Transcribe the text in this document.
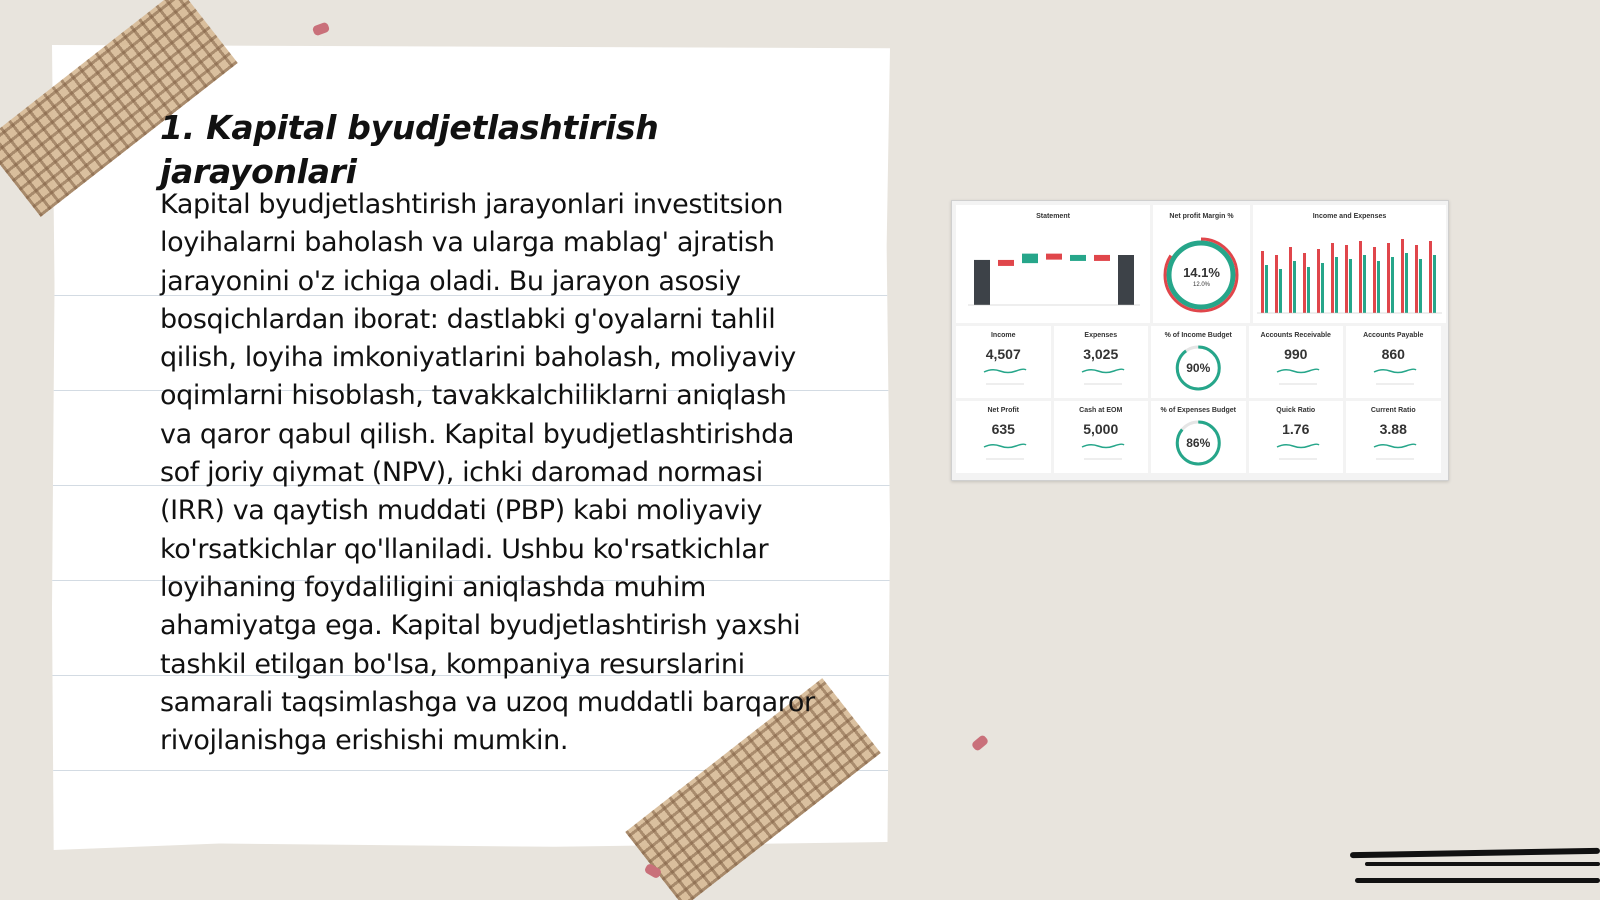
1. Kapital byudjetlashtirish jarayonlari
Kapital byudjetlashtirish jarayonlari investitsion loyihalarni baholash va ularga mablag' ajratish jarayonini o'z ichiga oladi. Bu jarayon asosiy bosqichlardan iborat: dastlabki g'oyalarni tahlil qilish, loyiha imkoniyatlarini baholash, moliyaviy oqimlarni hisoblash, tavakkalchiliklarni aniqlash va qaror qabul qilish. Kapital byudjetlashtirishda sof joriy qiymat (NPV), ichki daromad normasi (IRR) va qaytish muddati (PBP) kabi moliyaviy ko'rsatkichlar qo'llaniladi. Ushbu ko'rsatkichlar loyihaning foydaliligini aniqlashda muhim ahamiyatga ega. Kapital byudjetlashtirish yaxshi tashkil etilgan bo'lsa, kompaniya resurslarini samarali taqsimlashga va uzoq muddatli barqaror rivojlanishga erishishi mumkin.
Statement	Net profit Margin %
14.1%
12.0%
Income and Expenses
Income
4,507
Expenses
3,025
% of Income Budget
90%
Accounts Receivable
990
Accounts Payable
860
Net Profit
635
Cash at EOM
5,000
% of Expenses Budget
86%
Quick Ratio
1.76
Current Ratio
3.88
